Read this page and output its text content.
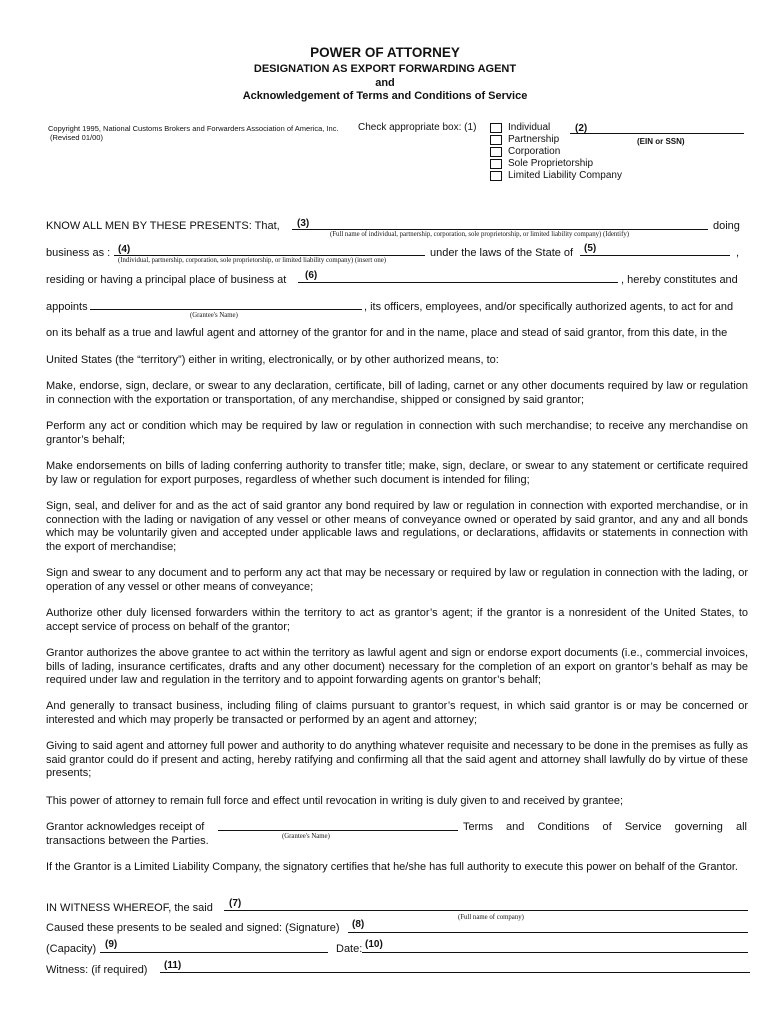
POWER OF ATTORNEY
DESIGNATION AS EXPORT FORWARDING AGENT
and
Acknowledgement of Terms and Conditions of Service
Copyright 1995, National Customs Brokers and Forwarders Association of America, Inc.
(Revised 01/00)
Check appropriate box: (1)	Individual
Partnership
Corporation
Sole Proprietorship
Limited Liability Company
(2)
(EIN or SSN)
KNOW ALL MEN BY THESE PRESENTS: That, (3)
(Full name of individual, partnership, corporation, sole proprietorship, or limited liability company) (Identify)
doing
business as : (4)
(Individual, partnership, corporation, sole proprietorship, or limited liability company) (insert one)
under the laws of the State of (5)	,
residing or having a principal place of business at (6)	, hereby constitutes and
appoints
(Grantee's Name)
, its officers, employees, and/or specifically authorized agents, to act for and
on its behalf as a true and lawful agent and attorney of the grantor for and in the name, place and stead of said grantor, from this date, in the
United States (the “territory”) either in writing, electronically, or by other authorized means, to:
Make, endorse, sign, declare, or swear to any declaration, certificate, bill of lading, carnet or any other documents required by law or regulation in connection with the exportation or transportation, of any merchandise, shipped or consigned by said grantor;
Perform any act or condition which may be required by law or regulation in connection with such merchandise; to receive any merchandise on grantor’s behalf;
Make endorsements on bills of lading conferring authority to transfer title; make, sign, declare, or swear to any statement or certificate required by law or regulation for export purposes, regardless of whether such document is intended for filing;
Sign, seal, and deliver for and as the act of said grantor any bond required by law or regulation in connection with exported merchandise, or in connection with the lading or navigation of any vessel or other means of conveyance owned or operated by said grantor, and any and all bonds which may be voluntarily given and accepted under applicable laws and regulations, or declarations, affidavits or statements in connection with the export of merchandise;
Sign and swear to any document and to perform any act that may be necessary or required by law or regulation in connection with the lading, or operation of any vessel or other means of conveyance;
Authorize other duly licensed forwarders within the territory to act as grantor’s agent; if the grantor is a nonresident of the United States, to accept service of process on behalf of the grantor;
Grantor authorizes the above grantee to act within the territory as lawful agent and sign or endorse export documents (i.e., commercial invoices, bills of lading, insurance certificates, drafts and any other document) necessary for the completion of an export on grantor’s behalf as may be required under law and regulation in the territory and to appoint forwarding agents on grantor’s behalf;
And generally to transact business, including filing of claims pursuant to grantor’s request, in which said grantor is or may be concerned or interested and which may properly be transacted or performed by an agent and attorney;
Giving to said agent and attorney full power and authority to do anything whatever requisite and necessary to be done in the premises as fully as said grantor could do if present and acting, hereby ratifying and confirming all that the said agent and attorney shall lawfully do by virtue of these presents;
This power of attorney to remain full force and effect until revocation in writing is duly given to and received by grantee;
Grantor acknowledges receipt of
transactions between the Parties.	(Grantee's Name)
Terms and Conditions of Service governing all
If the Grantor is a Limited Liability Company, the signatory certifies that he/she has full authority to execute this power on behalf of the Grantor.
IN WITNESS WHEREOF, the said (7)
(Full name of company)
Caused these presents to be sealed and signed: (Signature) (8)
(Capacity) (9)	Date: (10)
Witness: (if required) (11)
